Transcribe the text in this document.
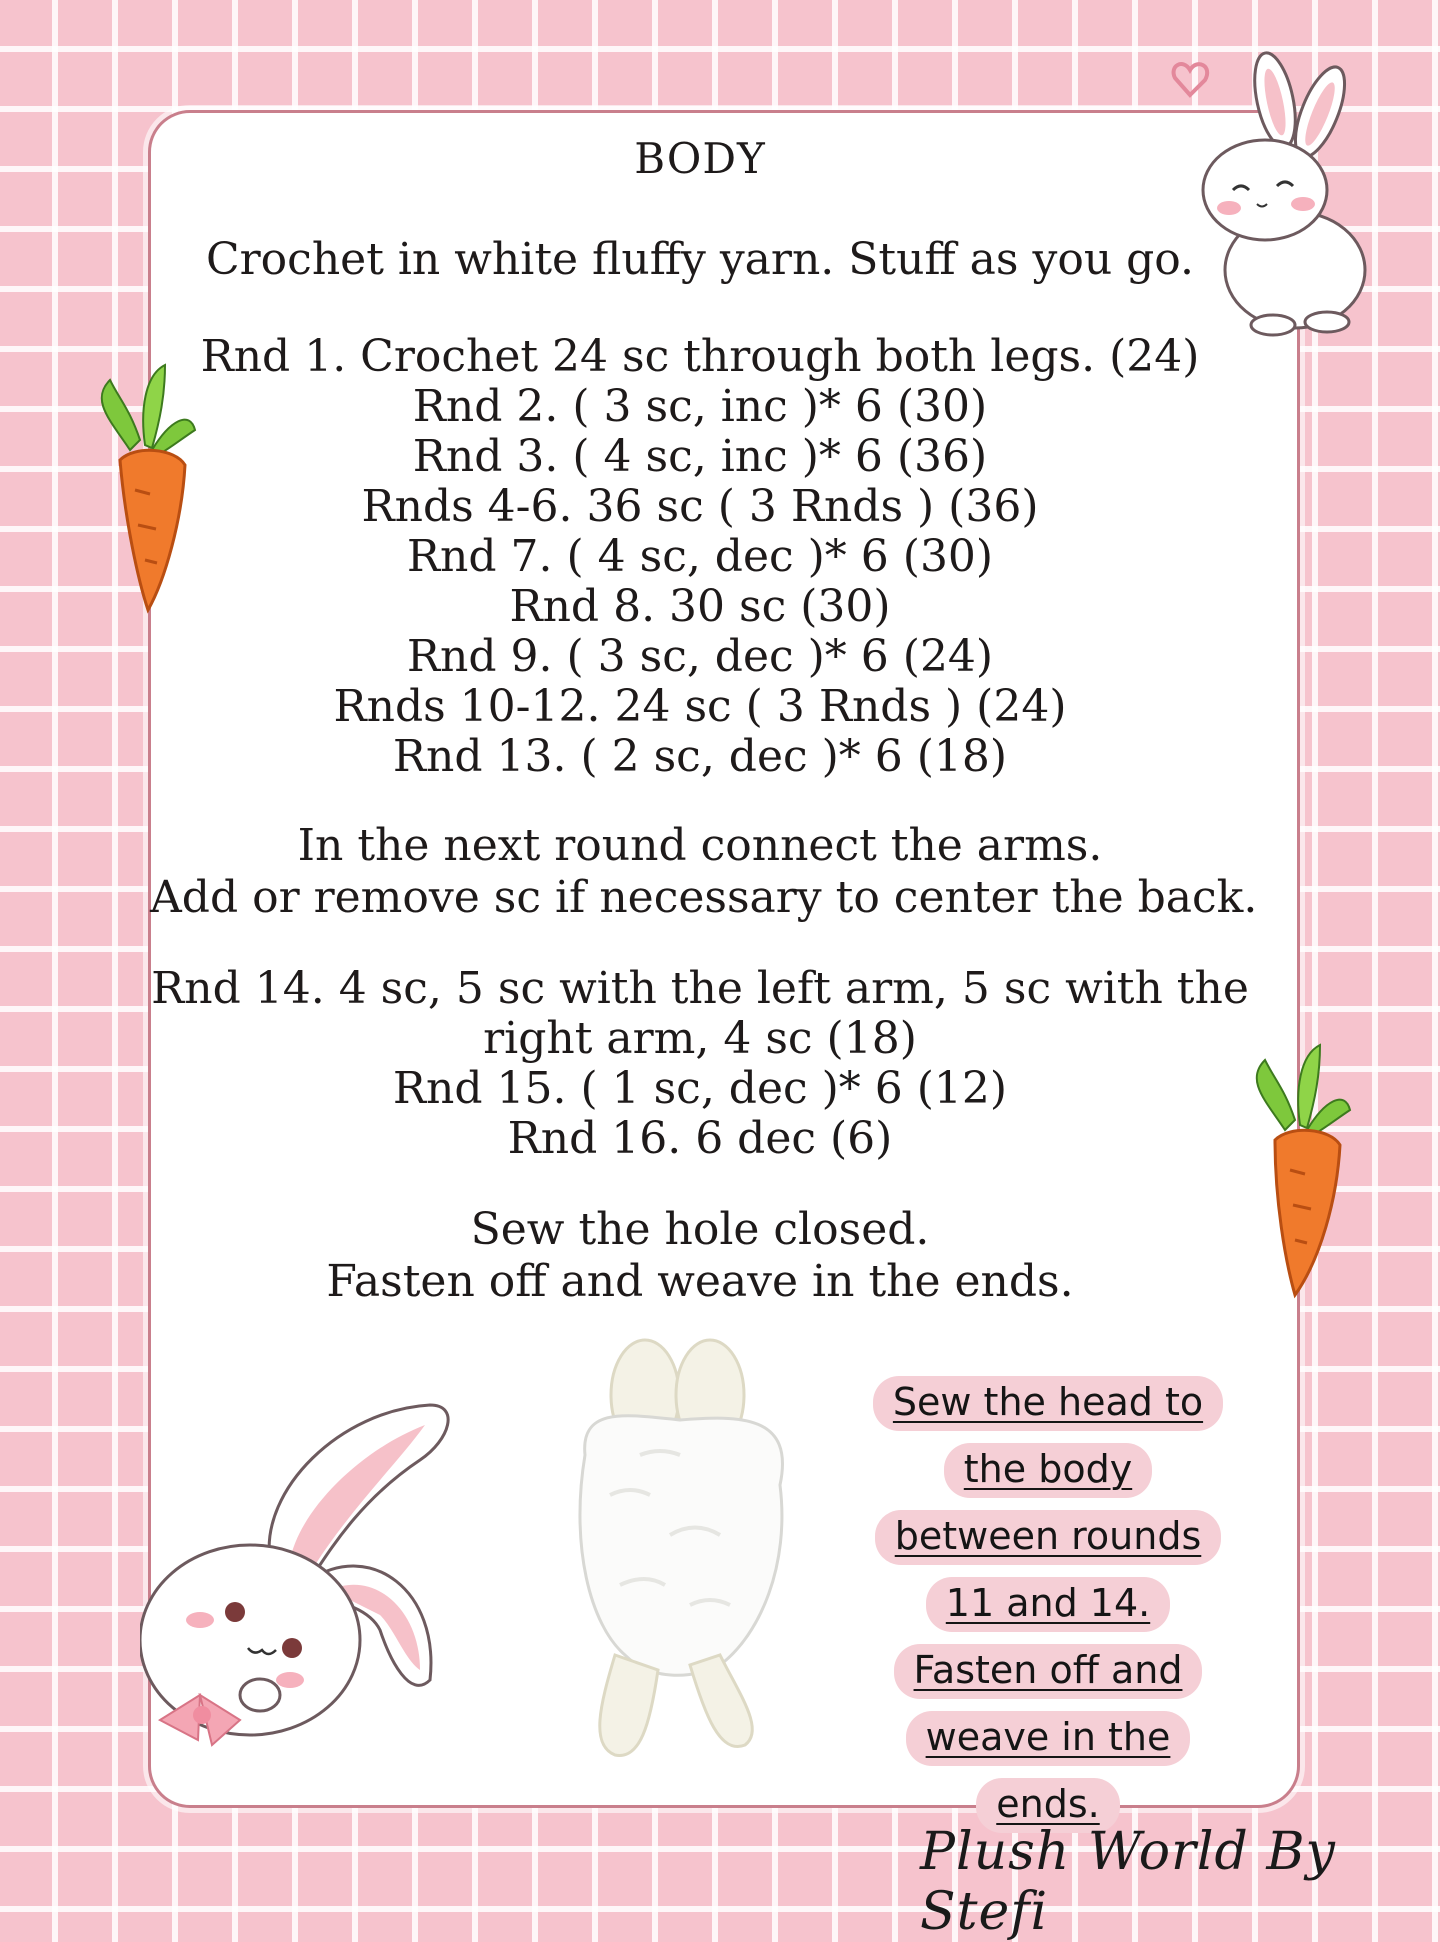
BODY
Crochet in white fluffy yarn. Stuff as you go.
Rnd 1. Crochet 24 sc through both legs. (24)
Rnd 2. ( 3 sc, inc )* 6 (30)
Rnd 3. ( 4 sc, inc )* 6 (36)
Rnds 4-6. 36 sc ( 3 Rnds ) (36)
Rnd 7. ( 4 sc, dec )* 6 (30)
Rnd 8. 30 sc (30)
Rnd 9. ( 3 sc, dec )* 6 (24)
Rnds 10-12. 24 sc ( 3 Rnds ) (24)
Rnd 13. ( 2 sc, dec )* 6 (18)
In the next round connect the arms.
Add or remove sc if necessary to center the back.
Rnd 14. 4 sc, 5 sc with the left arm, 5 sc with the
right arm, 4 sc (18)
Rnd 15. ( 1 sc, dec )* 6 (12)
Rnd 16. 6 dec (6)
Sew the hole closed.
Fasten off and weave in the ends.
Sew the head to
the body
between rounds
11 and 14.
Fasten off and
weave in the
ends.
Plush World By Stefi
